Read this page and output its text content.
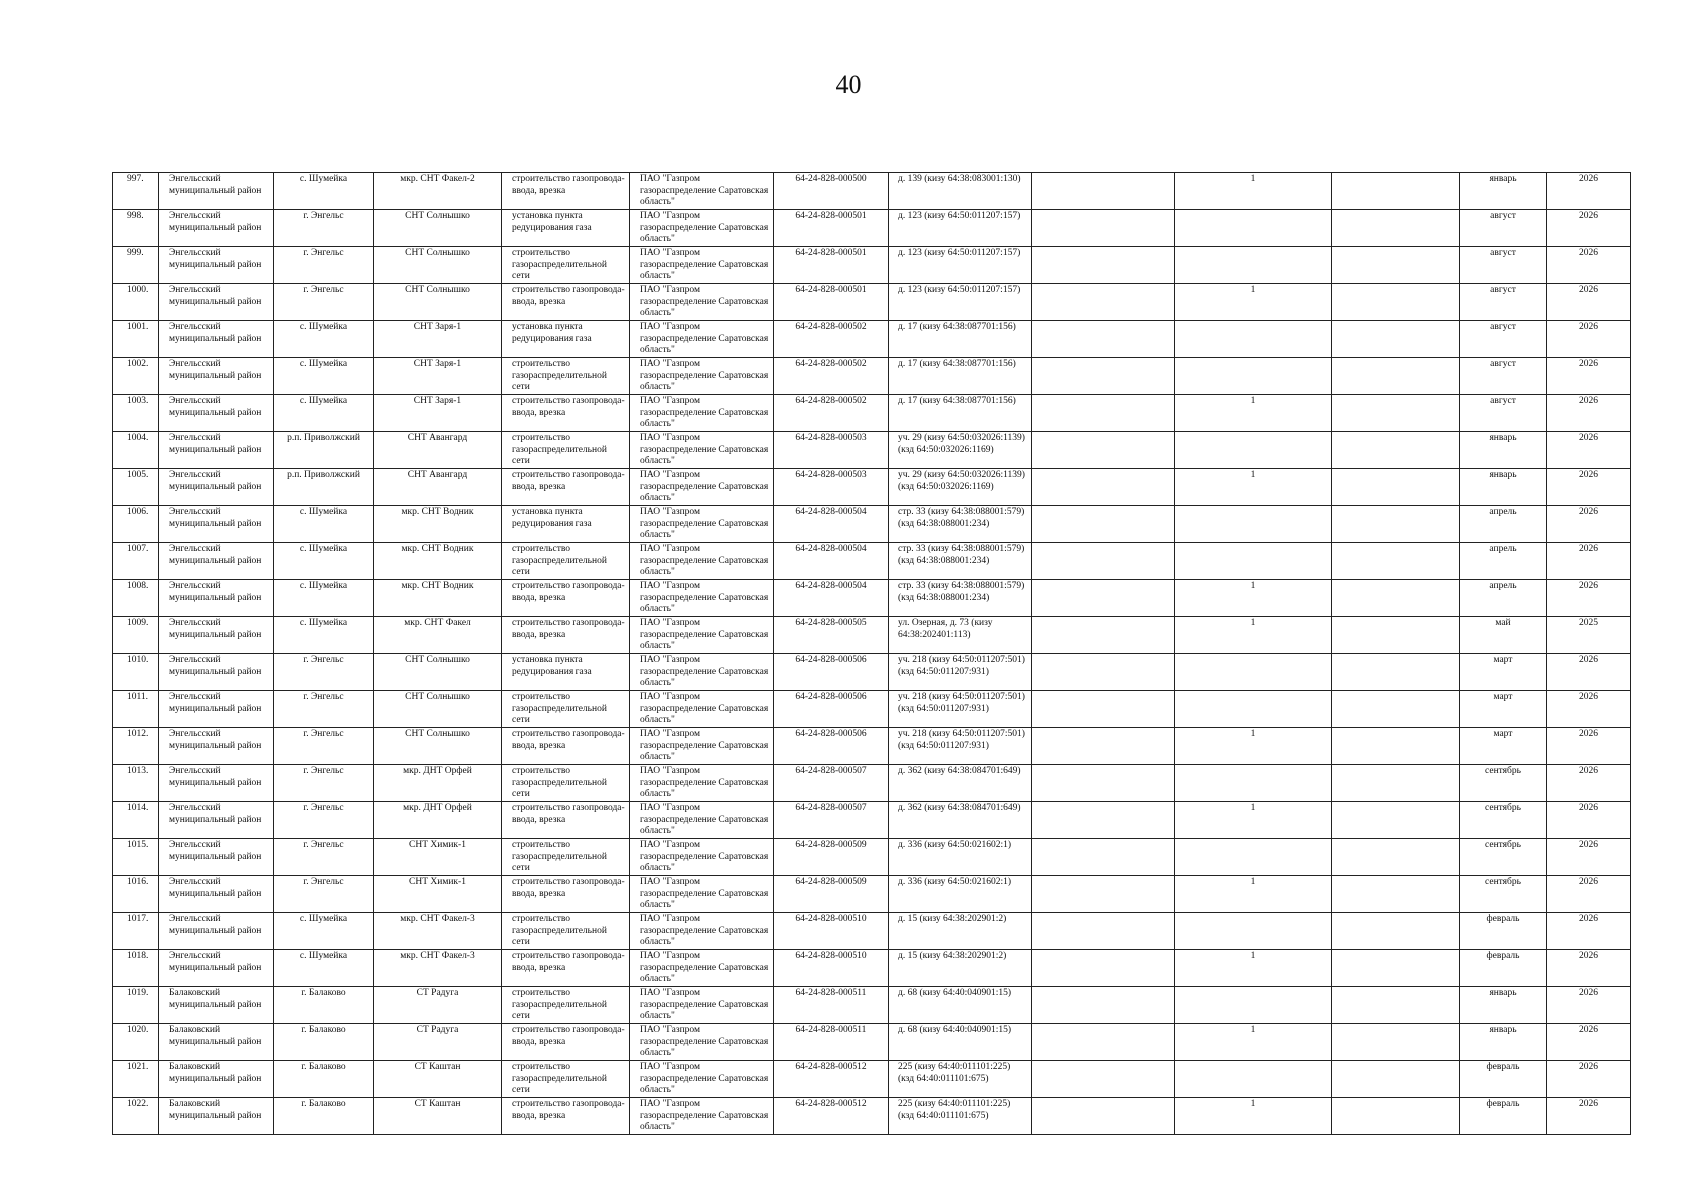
40
997.	Энгельсский муниципальный район	с. Шумейка	мкр. СНТ Факел-2	строительство газопровода-ввода, врезка	ПАО "Газпром газораспределение Саратовская область"	64-24-828-000500	д. 139 (кизу 64:38:083001:130)		1		январь	2026
998.	Энгельсский муниципальный район	г. Энгельс	СНТ Солнышко	установка пункта редуцирования газа	ПАО "Газпром газораспределение Саратовская область"	64-24-828-000501	д. 123 (кизу 64:50:011207:157)				август	2026
999.	Энгельсский муниципальный район	г. Энгельс	СНТ Солнышко	строительство газораспределительной сети	ПАО "Газпром газораспределение Саратовская область"	64-24-828-000501	д. 123 (кизу 64:50:011207:157)				август	2026
1000.	Энгельсский муниципальный район	г. Энгельс	СНТ Солнышко	строительство газопровода-ввода, врезка	ПАО "Газпром газораспределение Саратовская область"	64-24-828-000501	д. 123 (кизу 64:50:011207:157)		1		август	2026
1001.	Энгельсский муниципальный район	с. Шумейка	СНТ Заря-1	установка пункта редуцирования газа	ПАО "Газпром газораспределение Саратовская область"	64-24-828-000502	д. 17 (кизу 64:38:087701:156)				август	2026
1002.	Энгельсский муниципальный район	с. Шумейка	СНТ Заря-1	строительство газораспределительной сети	ПАО "Газпром газораспределение Саратовская область"	64-24-828-000502	д. 17 (кизу 64:38:087701:156)				август	2026
1003.	Энгельсский муниципальный район	с. Шумейка	СНТ Заря-1	строительство газопровода-ввода, врезка	ПАО "Газпром газораспределение Саратовская область"	64-24-828-000502	д. 17 (кизу 64:38:087701:156)		1		август	2026
1004.	Энгельсский муниципальный район	р.п. Приволжский	СНТ Авангард	строительство газораспределительной сети	ПАО "Газпром газораспределение Саратовская область"	64-24-828-000503	уч. 29 (кизу 64:50:032026:1139) (кзд 64:50:032026:1169)				январь	2026
1005.	Энгельсский муниципальный район	р.п. Приволжский	СНТ Авангард	строительство газопровода-ввода, врезка	ПАО "Газпром газораспределение Саратовская область"	64-24-828-000503	уч. 29 (кизу 64:50:032026:1139) (кзд 64:50:032026:1169)		1		январь	2026
1006.	Энгельсский муниципальный район	с. Шумейка	мкр. СНТ Водник	установка пункта редуцирования газа	ПАО "Газпром газораспределение Саратовская область"	64-24-828-000504	стр. 33 (кизу 64:38:088001:579) (кзд 64:38:088001:234)				апрель	2026
1007.	Энгельсский муниципальный район	с. Шумейка	мкр. СНТ Водник	строительство газораспределительной сети	ПАО "Газпром газораспределение Саратовская область"	64-24-828-000504	стр. 33 (кизу 64:38:088001:579) (кзд 64:38:088001:234)				апрель	2026
1008.	Энгельсский муниципальный район	с. Шумейка	мкр. СНТ Водник	строительство газопровода-ввода, врезка	ПАО "Газпром газораспределение Саратовская область"	64-24-828-000504	стр. 33 (кизу 64:38:088001:579) (кзд 64:38:088001:234)		1		апрель	2026
1009.	Энгельсский муниципальный район	с. Шумейка	мкр. СНТ Факел	строительство газопровода-ввода, врезка	ПАО "Газпром газораспределение Саратовская область"	64-24-828-000505	ул. Озерная, д. 73 (кизу 64:38:202401:113)		1		май	2025
1010.	Энгельсский муниципальный район	г. Энгельс	СНТ Солнышко	установка пункта редуцирования газа	ПАО "Газпром газораспределение Саратовская область"	64-24-828-000506	уч. 218 (кизу 64:50:011207:501) (кзд 64:50:011207:931)				март	2026
1011.	Энгельсский муниципальный район	г. Энгельс	СНТ Солнышко	строительство газораспределительной сети	ПАО "Газпром газораспределение Саратовская область"	64-24-828-000506	уч. 218 (кизу 64:50:011207:501) (кзд 64:50:011207:931)				март	2026
1012.	Энгельсский муниципальный район	г. Энгельс	СНТ Солнышко	строительство газопровода-ввода, врезка	ПАО "Газпром газораспределение Саратовская область"	64-24-828-000506	уч. 218 (кизу 64:50:011207:501) (кзд 64:50:011207:931)		1		март	2026
1013.	Энгельсский муниципальный район	г. Энгельс	мкр. ДНТ Орфей	строительство газораспределительной сети	ПАО "Газпром газораспределение Саратовская область"	64-24-828-000507	д. 362 (кизу 64:38:084701:649)				сентябрь	2026
1014.	Энгельсский муниципальный район	г. Энгельс	мкр. ДНТ Орфей	строительство газопровода-ввода, врезка	ПАО "Газпром газораспределение Саратовская область"	64-24-828-000507	д. 362 (кизу 64:38:084701:649)		1		сентябрь	2026
1015.	Энгельсский муниципальный район	г. Энгельс	СНТ Химик-1	строительство газораспределительной сети	ПАО "Газпром газораспределение Саратовская область"	64-24-828-000509	д. 336 (кизу 64:50:021602:1)				сентябрь	2026
1016.	Энгельсский муниципальный район	г. Энгельс	СНТ Химик-1	строительство газопровода-ввода, врезка	ПАО "Газпром газораспределение Саратовская область"	64-24-828-000509	д. 336 (кизу 64:50:021602:1)		1		сентябрь	2026
1017.	Энгельсский муниципальный район	с. Шумейка	мкр. СНТ Факел-3	строительство газораспределительной сети	ПАО "Газпром газораспределение Саратовская область"	64-24-828-000510	д. 15 (кизу 64:38:202901:2)				февраль	2026
1018.	Энгельсский муниципальный район	с. Шумейка	мкр. СНТ Факел-3	строительство газопровода-ввода, врезка	ПАО "Газпром газораспределение Саратовская область"	64-24-828-000510	д. 15 (кизу 64:38:202901:2)		1		февраль	2026
1019.	Балаковский муниципальный район	г. Балаково	СТ Радуга	строительство газораспределительной сети	ПАО "Газпром газораспределение Саратовская область"	64-24-828-000511	д. 68 (кизу 64:40:040901:15)				январь	2026
1020.	Балаковский муниципальный район	г. Балаково	СТ Радуга	строительство газопровода-ввода, врезка	ПАО "Газпром газораспределение Саратовская область"	64-24-828-000511	д. 68 (кизу 64:40:040901:15)		1		январь	2026
1021.	Балаковский муниципальный район	г. Балаково	СТ Каштан	строительство газораспределительной сети	ПАО "Газпром газораспределение Саратовская область"	64-24-828-000512	225 (кизу 64:40:011101:225) (кзд 64:40:011101:675)				февраль	2026
1022.	Балаковский муниципальный район	г. Балаково	СТ Каштан	строительство газопровода-ввода, врезка	ПАО "Газпром газораспределение Саратовская область"	64-24-828-000512	225 (кизу 64:40:011101:225) (кзд 64:40:011101:675)		1		февраль	2026
